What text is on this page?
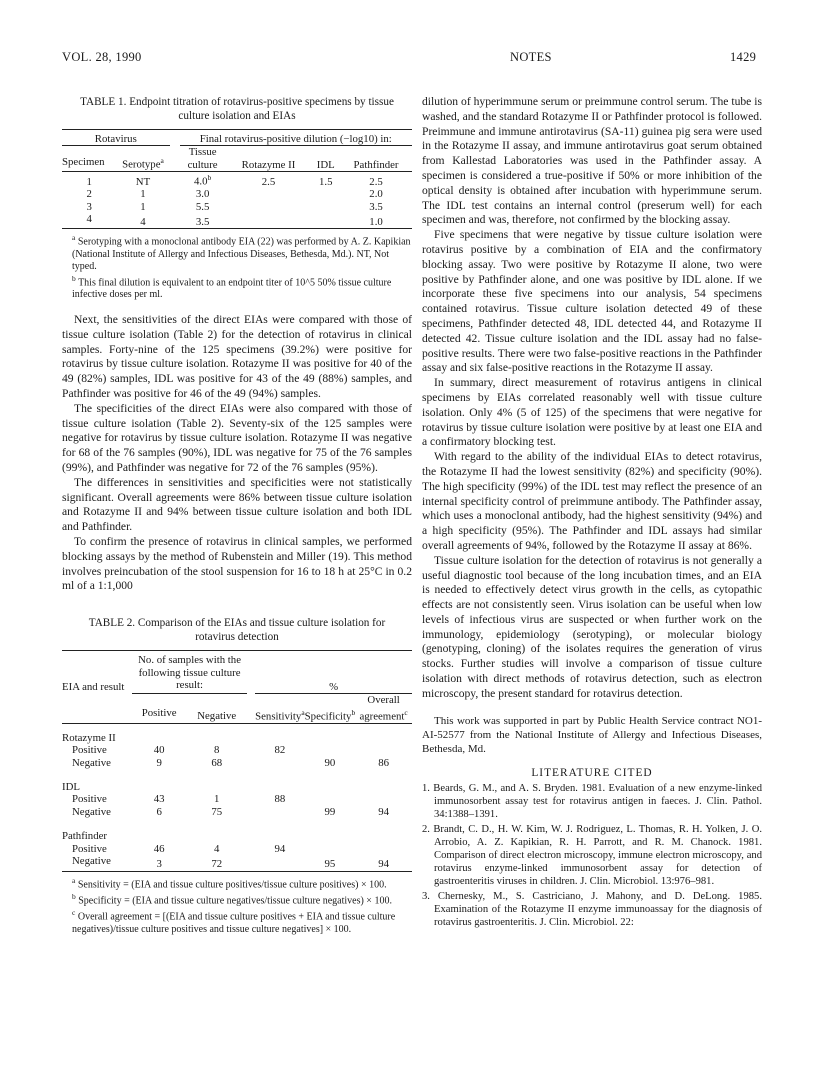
VOL. 28, 1990	NOTES	1429

TABLE 1. Endpoint titration of rotavirus-positive specimens by tissue culture isolation and EIAs

Rotavirus			Final rotavirus-positive dilution (−log10) in:			
Specimen	Serotype$^a$		Tissue culture	Rotazyme II	IDL	Pathfinder
1	NT		4.0$^b$	2.5	1.5	2.5
2	1		3.0			2.0
3	1		5.5			3.5
4	4		3.5			1.0

$^a$ Serotyping with a monoclonal antibody EIA (22) was performed by A. Z. Kapikian (National Institute of Allergy and Infectious Diseases, Bethesda, Md.). NT, Not typed.

$^b$ This final dilution is equivalent to an endpoint titer of 10^5 50% tissue culture infective doses per ml.

Next, the sensitivities of the direct EIAs were compared with those of tissue culture isolation (Table 2) for the detection of rotavirus in clinical samples. Forty-nine of the 125 specimens (39.2%) were positive for rotavirus by tissue culture isolation. Rotazyme II was positive for 40 of the 49 (82%) samples, IDL was positive for 43 of the 49 (88%) samples, and Pathfinder was positive for 46 of the 49 (94%) samples.

The specificities of the direct EIAs were also compared with those of tissue culture isolation (Table 2). Seventy-six of the 125 samples were negative for rotavirus by tissue culture isolation. Rotazyme II was negative for 68 of the 76 samples (90%), IDL was negative for 75 of the 76 samples (99%), and Pathfinder was negative for 72 of the 76 samples (95%).

The differences in sensitivities and specificities were not statistically significant. Overall agreements were 86% between tissue culture isolation and Rotazyme II and 94% between tissue culture isolation and both IDL and Pathfinder.

To confirm the presence of rotavirus in clinical samples, we performed blocking assays by the method of Rubenstein and Miller (19). This method involves preincubation of the stool suspension for 16 to 18 h at 25°C in 0.2 ml of a 1:1,000

TABLE 2. Comparison of the EIAs and tissue culture isolation for rotavirus detection

EIA and result	No. of samples with the following tissue culture result:			%		
	Positive	Negative		Sensitivity$^a$	Specificity$^b$	Overall agreement$^c$
Rotazyme II						
Positive	40	8		82		
Negative	9	68			90	86
IDL						
Positive	43	1		88		
Negative	6	75			99	94
Pathfinder						
Positive	46	4		94		
Negative	3	72			95	94

$^a$ Sensitivity = (EIA and tissue culture positives/tissue culture positives) × 100.

$^b$ Specificity = (EIA and tissue culture negatives/tissue culture negatives) × 100.

$^c$ Overall agreement = [(EIA and tissue culture positives + EIA and tissue culture negatives)/tissue culture positives and tissue culture negatives] × 100.

dilution of hyperimmune serum or preimmune control serum. The tube is washed, and the standard Rotazyme II or Pathfinder protocol is followed. Preimmune and immune antirotavirus (SA-11) guinea pig sera were used in the Rotazyme II assay, and immune antirotavirus goat serum obtained from Kallestad Laboratories was used in the Pathfinder assay. A specimen is considered a true-positive if 50% or more inhibition of the optical density is obtained after incubation with hyperimmune serum. The IDL test contains an internal control (preserum well) for each specimen and was, therefore, not confirmed by the blocking assay.

Five specimens that were negative by tissue culture isolation were rotavirus positive by a combination of EIA and the confirmatory blocking assay. Two were positive by Rotazyme II alone, two were positive by Pathfinder alone, and one was positive by IDL alone. If we incorporate these five specimens into our analysis, 54 specimens contained rotavirus. Tissue culture isolation detected 49 of these specimens, Pathfinder detected 48, IDL detected 44, and Rotazyme II detected 42. Tissue culture isolation and the IDL assay had no false-positive results. There were two false-positive reactions in the Pathfinder assay and six false-positive reactions in the Rotazyme II assay.

In summary, direct measurement of rotavirus antigens in clinical specimens by EIAs correlated reasonably well with tissue culture isolation. Only 4% (5 of 125) of the specimens that were negative for rotavirus by tissue culture isolation were positive by at least one EIA and a confirmatory blocking test.

With regard to the ability of the individual EIAs to detect rotavirus, the Rotazyme II had the lowest sensitivity (82%) and specificity (90%). The high specificity (99%) of the IDL test may reflect the presence of an internal specificity control of preimmune antibody. The Pathfinder assay, which uses a monoclonal antibody, had the highest sensitivity (94%) and a high specificity (95%). The Pathfinder and IDL assays had similar overall agreements of 94%, followed by the Rotazyme II assay at 86%.

Tissue culture isolation for the detection of rotavirus is not generally a useful diagnostic tool because of the long incubation times, and an EIA is needed to effectively detect virus growth in the cells, as cytopathic effects are not consistently seen. Virus isolation can be useful when low levels of infectious virus are suspected or when further work on the immunology, epidemiology (serotyping), or molecular biology (genotyping, cloning) of the isolates requires the generation of virus stocks. Further studies will involve a comparison of tissue culture isolation with direct methods of rotavirus detection, such as electron microscopy, the present standard for rotavirus detection.

This work was supported in part by Public Health Service contract NO1-AI-52577 from the National Institute of Allergy and Infectious Diseases, Bethesda, Md.

LITERATURE CITED

1. Beards, G. M., and A. S. Bryden. 1981. Evaluation of a new enzyme-linked immunosorbent assay test for rotavirus antigen in faeces. J. Clin. Pathol. 34:1388–1391.

2. Brandt, C. D., H. W. Kim, W. J. Rodriguez, L. Thomas, R. H. Yolken, J. O. Arrobio, A. Z. Kapikian, R. H. Parrott, and R. M. Chanock. 1981. Comparison of direct electron microscopy, immune electron microscopy, and rotavirus enzyme-linked immunosorbent assay for detection of gastroenteritis viruses in children. J. Clin. Microbiol. 13:976–981.

3. Chernesky, M., S. Castriciano, J. Mahony, and D. DeLong. 1985. Examination of the Rotazyme II enzyme immunoassay for the diagnosis of rotavirus gastroenteritis. J. Clin. Microbiol. 22:
